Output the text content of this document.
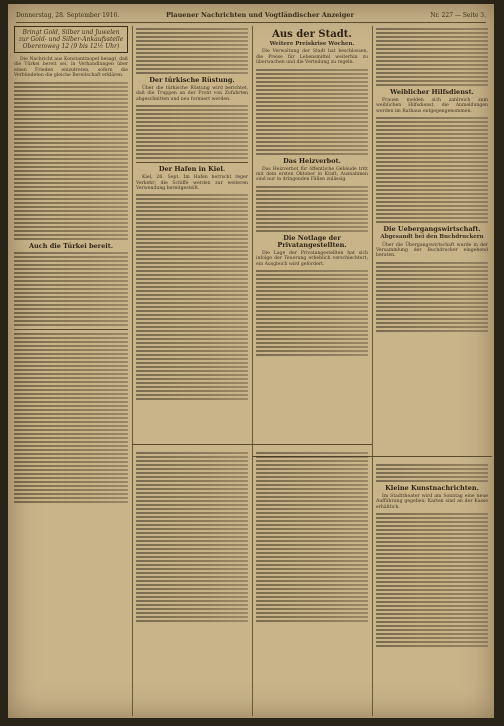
Donnerstag, 28. September 1916.	Plauener Nachrichten und Vogtländischer Anzeiger	Nr. 227 — Seite 3.
Bringt Gold, Silber und Juwelen zur Gold- und Silber-Ankaufsstelle Oberemweg 12 (9 bis 12½ Uhr)

Die Nachricht aus Konstantinopel besagt, daß die Türkei bereit sei, in Verhandlungen über einen Frieden einzutreten, sofern die Verbündeten die gleiche Bereitschaft erklären.

Auch die Türkei bereit.
Der türkische Rüstung.

Über die türkische Rüstung wird berichtet, daß die Truppen an der Front von Zufahrten abgeschnitten und neu formiert werden.

Der Hafen in Kiel.

Kiel, 26. Sept. Im Hafen herrscht reger Verkehr; die Schiffe werden zur weiteren Verwendung bereitgestellt.

Aus der Stadt.
Weitere Preiskrise Wochen.

Die Verwaltung der Stadt hat beschlossen, die Preise für Lebensmittel weiterhin zu überwachen und die Verteilung zu regeln.

Das Heizverbot.

Das Heizverbot für öffentliche Gebäude tritt mit dem ersten Oktober in Kraft; Ausnahmen sind nur in dringenden Fällen zulässig.

Die Notlage der Privatangestellten.

Die Lage der Privatangestellten hat sich infolge der Teuerung erheblich verschlechtert; ein Ausgleich wird gefordert.

Weiblicher Hilfsdienst.

Frauen melden sich zahlreich zum weiblichen Hilfsdienst, die Anmeldungen werden im Rathaus entgegengenommen.

Die Uebergangswirtschaft.
Abgesandt bei den Buchdruckern

Über die Übergangswirtschaft wurde in der Versammlung der Buchdrucker eingehend beraten.

Kleine Kunstnachrichten.

Im Stadttheater wird am Sonntag eine neue Aufführung gegeben; Karten sind an der Kasse erhältlich.
